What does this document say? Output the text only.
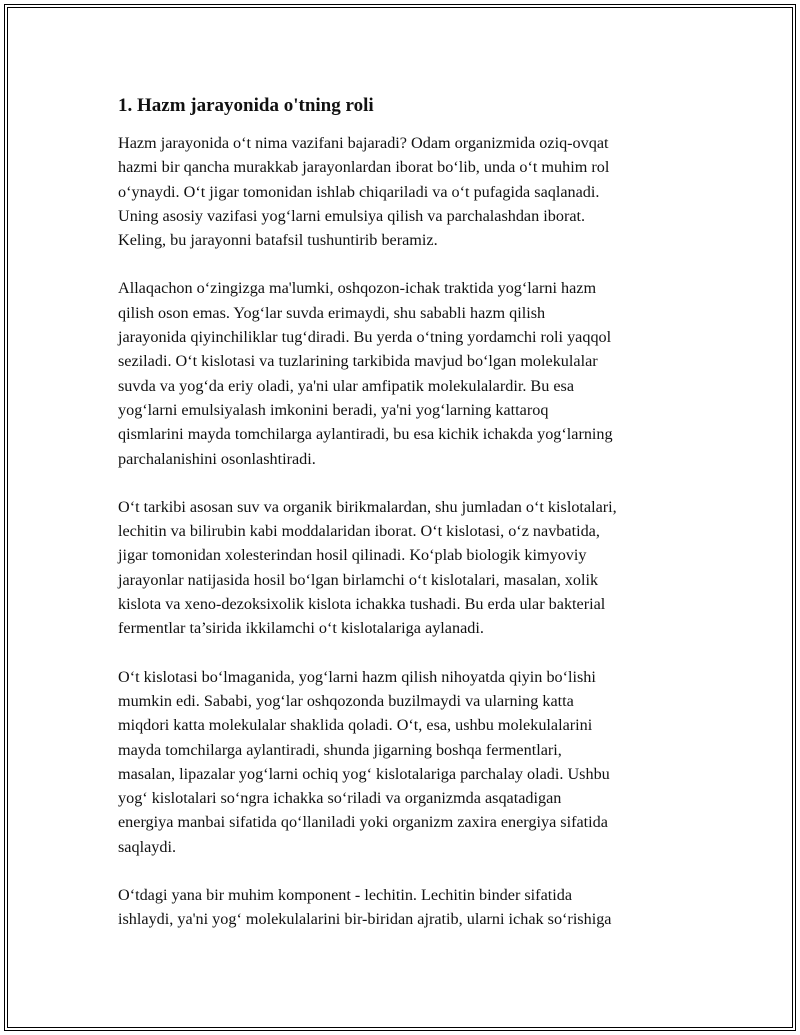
1. Hazm jarayonida o'tning roli

Hazm jarayonida o‘t nima vazifani bajaradi? Odam organizmida oziq-ovqat
hazmi bir qancha murakkab jarayonlardan iborat bo‘lib, unda o‘t muhim rol
o‘ynaydi. O‘t jigar tomonidan ishlab chiqariladi va o‘t pufagida saqlanadi.
Uning asosiy vazifasi yog‘larni emulsiya qilish va parchalashdan iborat.
Keling, bu jarayonni batafsil tushuntirib beramiz.

Allaqachon o‘zingizga ma'lumki, oshqozon-ichak traktida yog‘larni hazm
qilish oson emas. Yog‘lar suvda erimaydi, shu sababli hazm qilish
jarayonida qiyinchiliklar tug‘diradi. Bu yerda o‘tning yordamchi roli yaqqol
seziladi. O‘t kislotasi va tuzlarining tarkibida mavjud bo‘lgan molekulalar
suvda va yog‘da eriy oladi, ya'ni ular amfipatik molekulalardir. Bu esa
yog‘larni emulsiyalash imkonini beradi, ya'ni yog‘larning kattaroq
qismlarini mayda tomchilarga aylantiradi, bu esa kichik ichakda yog‘larning
parchalanishini osonlashtiradi.

O‘t tarkibi asosan suv va organik birikmalardan, shu jumladan o‘t kislotalari,
lechitin va bilirubin kabi moddalaridan iborat. O‘t kislotasi, o‘z navbatida,
jigar tomonidan xolesterindan hosil qilinadi. Ko‘plab biologik kimyoviy
jarayonlar natijasida hosil bo‘lgan birlamchi o‘t kislotalari, masalan, xolik
kislota va xeno-dezoksixolik kislota ichakka tushadi. Bu erda ular bakterial
fermentlar ta’sirida ikkilamchi o‘t kislotalariga aylanadi.

O‘t kislotasi bo‘lmaganida, yog‘larni hazm qilish nihoyatda qiyin bo‘lishi
mumkin edi. Sababi, yog‘lar oshqozonda buzilmaydi va ularning katta
miqdori katta molekulalar shaklida qoladi. O‘t, esa, ushbu molekulalarini
mayda tomchilarga aylantiradi, shunda jigarning boshqa fermentlari,
masalan, lipazalar yog‘larni ochiq yog‘ kislotalariga parchalay oladi. Ushbu
yog‘ kislotalari so‘ngra ichakka so‘riladi va organizmda asqatadigan
energiya manbai sifatida qo‘llaniladi yoki organizm zaxira energiya sifatida
saqlaydi.

O‘tdagi yana bir muhim komponent - lechitin. Lechitin binder sifatida
ishlaydi, ya'ni yog‘ molekulalarini bir-biridan ajratib, ularni ichak so‘rishiga
